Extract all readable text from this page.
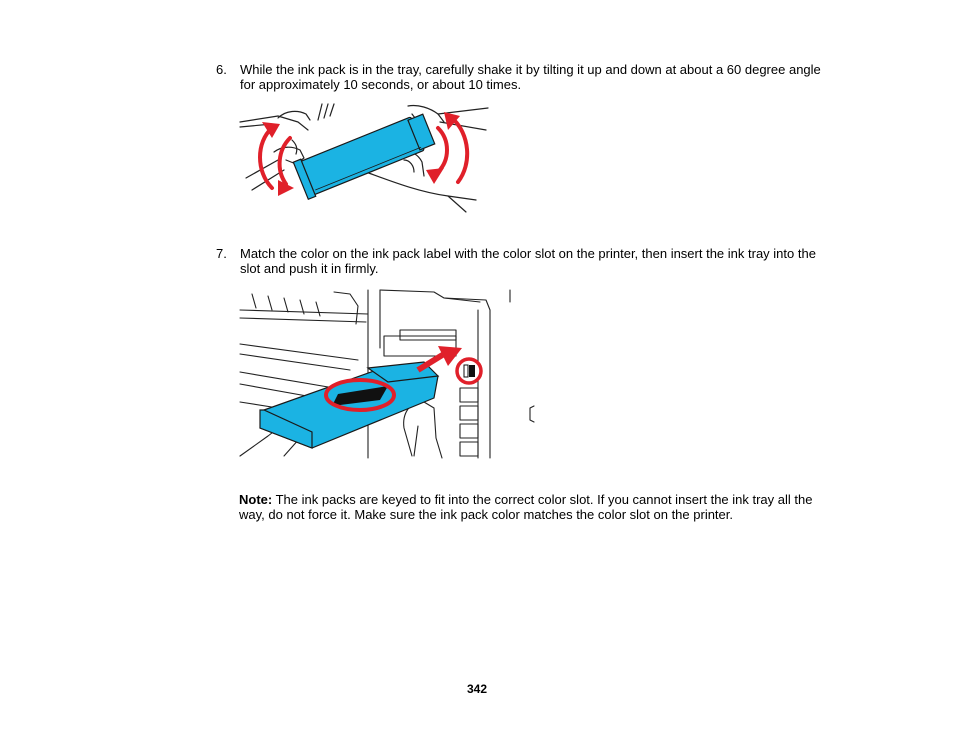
6. While the ink pack is in the tray, carefully shake it by tilting it up and down at about a 60 degree angle for approximately 10 seconds, or about 10 times.
7. Match the color on the ink pack label with the color slot on the printer, then insert the ink tray into the slot and push it in firmly.
Note: The ink packs are keyed to fit into the correct color slot. If you cannot insert the ink tray all the way, do not force it. Make sure the ink pack color matches the color slot on the printer.
342
